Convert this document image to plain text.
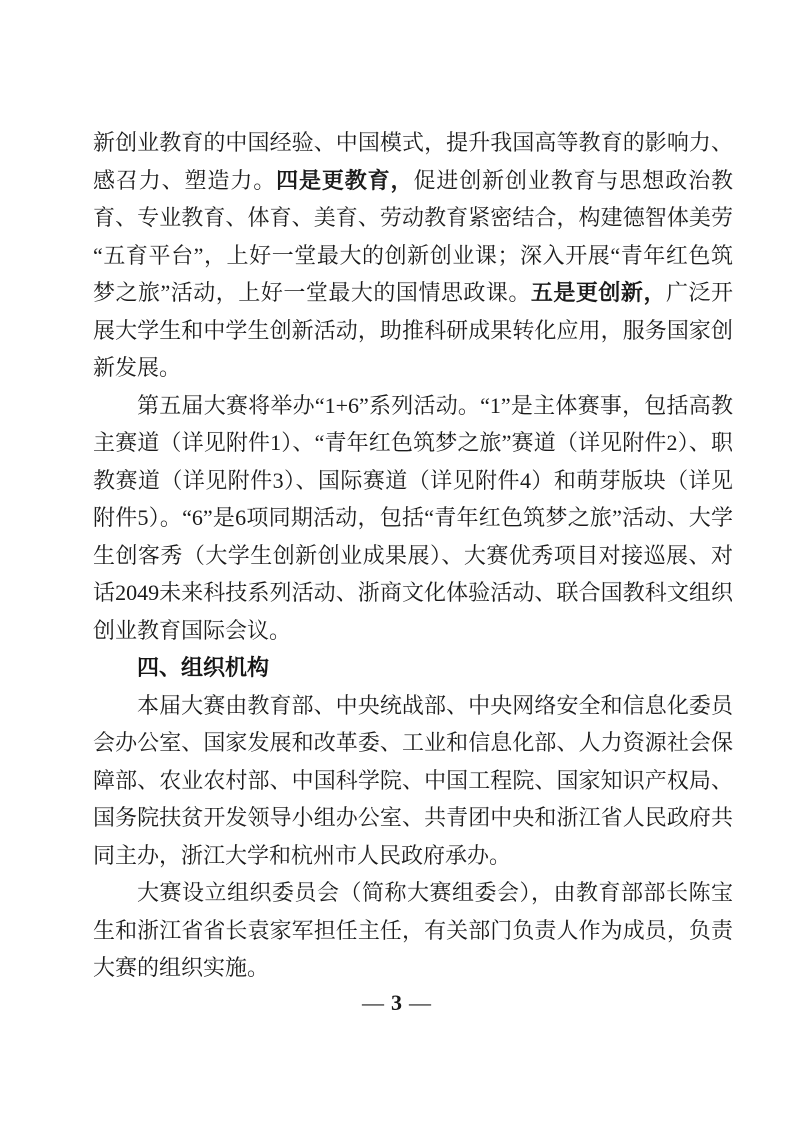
新创业教育的中国经验、中国模式，提升我国高等教育的影响力、感召力、塑造力。四是更教育，促进创新创业教育与思想政治教育、专业教育、体育、美育、劳动教育紧密结合，构建德智体美劳“五育平台”，上好一堂最大的创新创业课；深入开展“青年红色筑梦之旅”活动，上好一堂最大的国情思政课。五是更创新，广泛开展大学生和中学生创新活动，助推科研成果转化应用，服务国家创新发展。

第五届大赛将举办“1+6”系列活动。“1”是主体赛事，包括高教主赛道（详见附件1）、“青年红色筑梦之旅”赛道（详见附件2）、职教赛道（详见附件3）、国际赛道（详见附件4）和萌芽版块（详见附件5）。“6”是6项同期活动，包括“青年红色筑梦之旅”活动、大学生创客秀（大学生创新创业成果展）、大赛优秀项目对接巡展、对话2049未来科技系列活动、浙商文化体验活动、联合国教科文组织创业教育国际会议。

四、组织机构

本届大赛由教育部、中央统战部、中央网络安全和信息化委员会办公室、国家发展和改革委、工业和信息化部、人力资源社会保障部、农业农村部、中国科学院、中国工程院、国家知识产权局、国务院扶贫开发领导小组办公室、共青团中央和浙江省人民政府共同主办，浙江大学和杭州市人民政府承办。

大赛设立组织委员会（简称大赛组委会），由教育部部长陈宝生和浙江省省长袁家军担任主任，有关部门负责人作为成员，负责大赛的组织实施。

— 3 —
